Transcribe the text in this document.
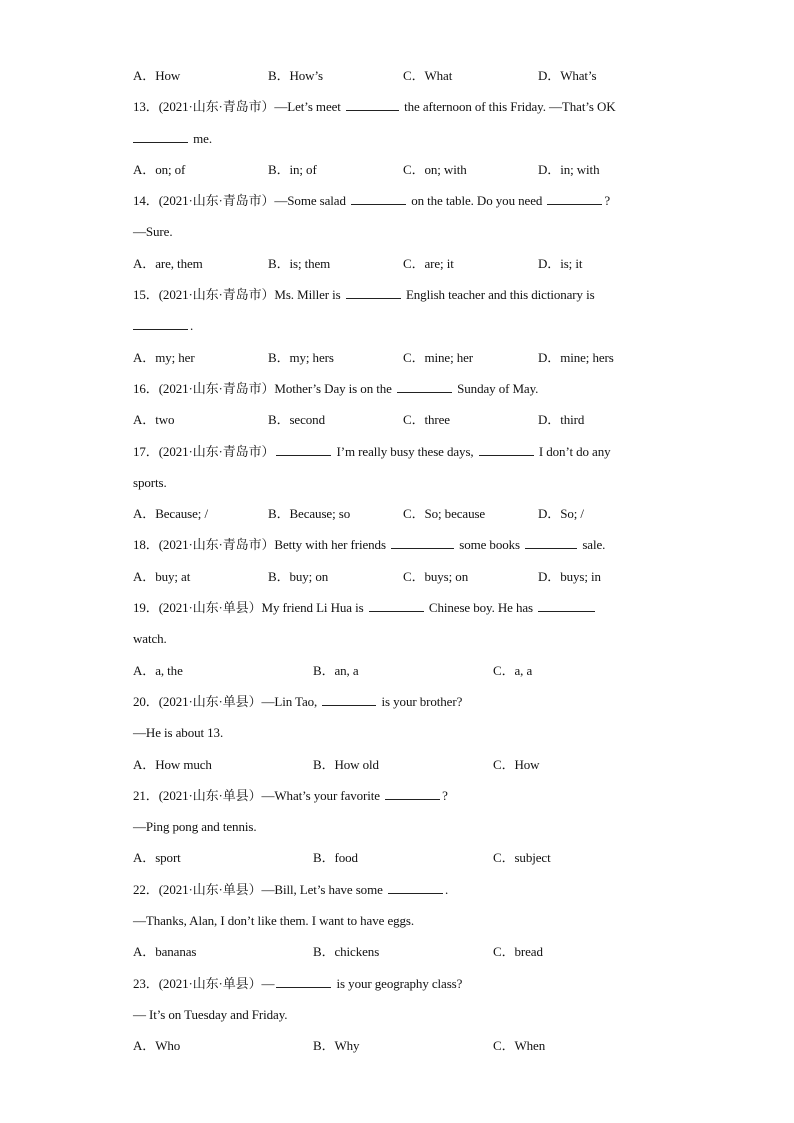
A．How	B．How’s	C．What	D．What’s
13．(2021·山东·青岛市）—Let’s meet	the afternoon of this Friday. —That’s OK
me.
A．on; of	B．in; of	C．on; with	D．in; with
14．(2021·山东·青岛市）—Some salad	on the table. Do you need	?
—Sure.
A．are, them	B．is; them	C．are; it	D．is; it
15．(2021·山东·青岛市）Ms. Miller is	English teacher and this dictionary is
.
A．my; her	B．my; hers	C．mine; her	D．mine; hers
16．(2021·山东·青岛市）Mother’s Day is on the	Sunday of May.
A．two	B．second	C．three	D．third
17．(2021·山东·青岛市）	I’m really busy these days,	I don’t do any
sports.
A．Because; /	B．Because; so	C．So; because	D．So; /
18．(2021·山东·青岛市）Betty with her friends	some books	sale.
A．buy; at	B．buy; on	C．buys; on	D．buys; in
19．(2021·山东·单县）My friend Li Hua is	Chinese boy. He has
watch.
A．a, the	B．an, a	C．a, a
20．(2021·山东·单县）—Lin Tao,	is your brother?
—He is about 13.
A．How much	B．How old	C．How
21．(2021·山东·单县）—What’s your favorite	?
—Ping pong and tennis.
A．sport	B．food	C．subject
22．(2021·山东·单县）—Bill, Let’s have some	.
—Thanks, Alan, I don’t like them. I want to have eggs.
A．bananas	B．chickens	C．bread
23．(2021·山东·单县）—	is your geography class?
— It’s on Tuesday and Friday.
A．Who	B．Why	C．When
